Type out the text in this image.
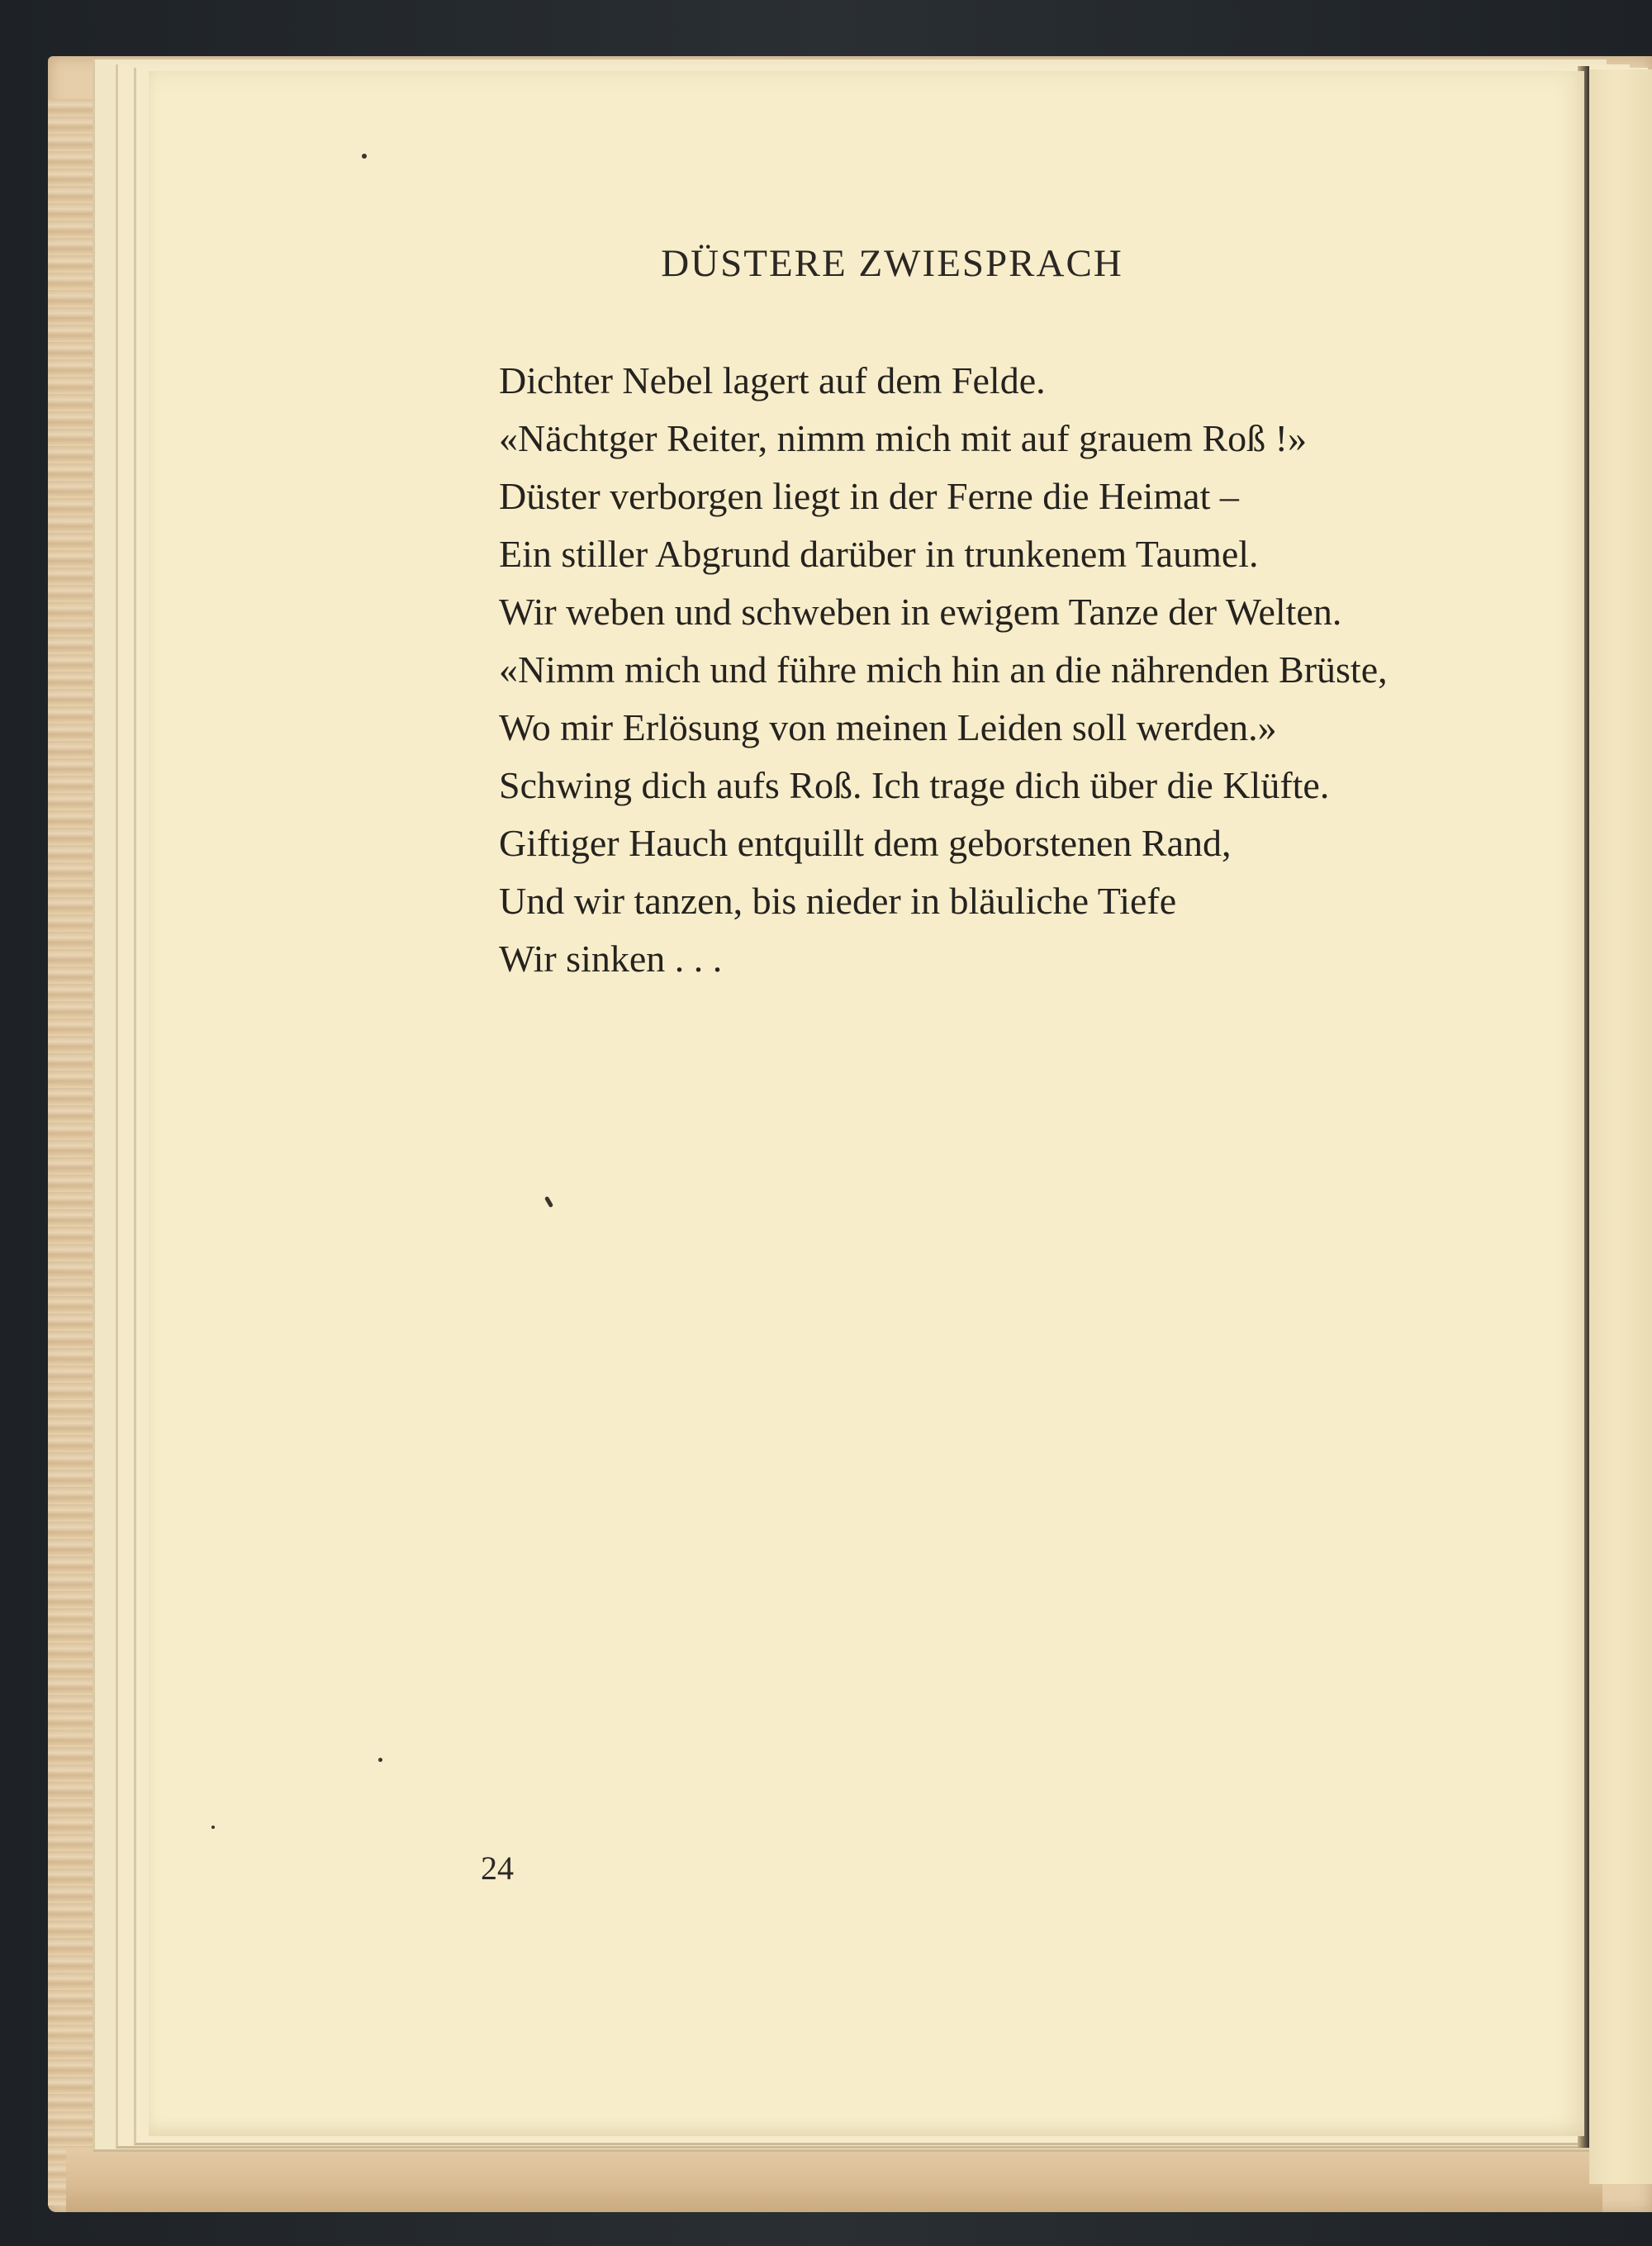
DÜSTERE ZWIESPRACH
Dichter Nebel lagert auf dem Felde.
«Nächtger Reiter, nimm mich mit auf grauem Roß !»
Düster verborgen liegt in der Ferne die Heimat –
Ein stiller Abgrund darüber in trunkenem Taumel.
Wir weben und schweben in ewigem Tanze der Welten.
«Nimm mich und führe mich hin an die nährenden Brüste,
Wo mir Erlösung von meinen Leiden soll werden.»
Schwing dich aufs Roß. Ich trage dich über die Klüfte.
Giftiger Hauch entquillt dem geborstenen Rand,
Und wir tanzen, bis nieder in bläuliche Tiefe
Wir sinken . . .
24
